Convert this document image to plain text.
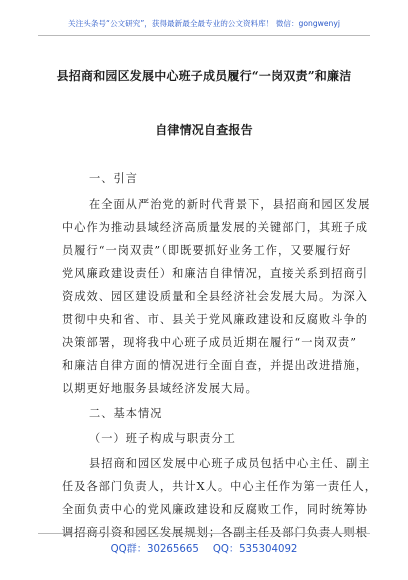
关注头条号“公文研究”，获得最新最全最专业的公文资料库！ 微信：gongwenyj
县招商和园区发展中心班子成员履行“一岗双责”和廉洁
自律情况自查报告
一、引言
在全面从严治党的新时代背景下，县招商和园区发展
中心作为推动县域经济高质量发展的关键部门，其班子成
员履行“一岗双责”（即既要抓好业务工作，又要履行好
党风廉政建设责任）和廉洁自律情况，直接关系到招商引
资成效、园区建设质量和全县经济社会发展大局。为深入
贯彻中央和省、市、县关于党风廉政建设和反腐败斗争的
决策部署，现将我中心班子成员近期在履行“一岗双责”
和廉洁自律方面的情况进行全面自查，并提出改进措施，
以期更好地服务县域经济发展大局。
二、基本情况
（一）班子构成与职责分工
县招商和园区发展中心班子成员包括中心主任、副主
任及各部门负责人，共计X人。中心主任作为第一责任人，
全面负责中心的党风廉政建设和反腐败工作，同时统筹协
调招商引资和园区发展规划；各副主任及部门负责人则根
QQ群：30265665 QQ：535304092
